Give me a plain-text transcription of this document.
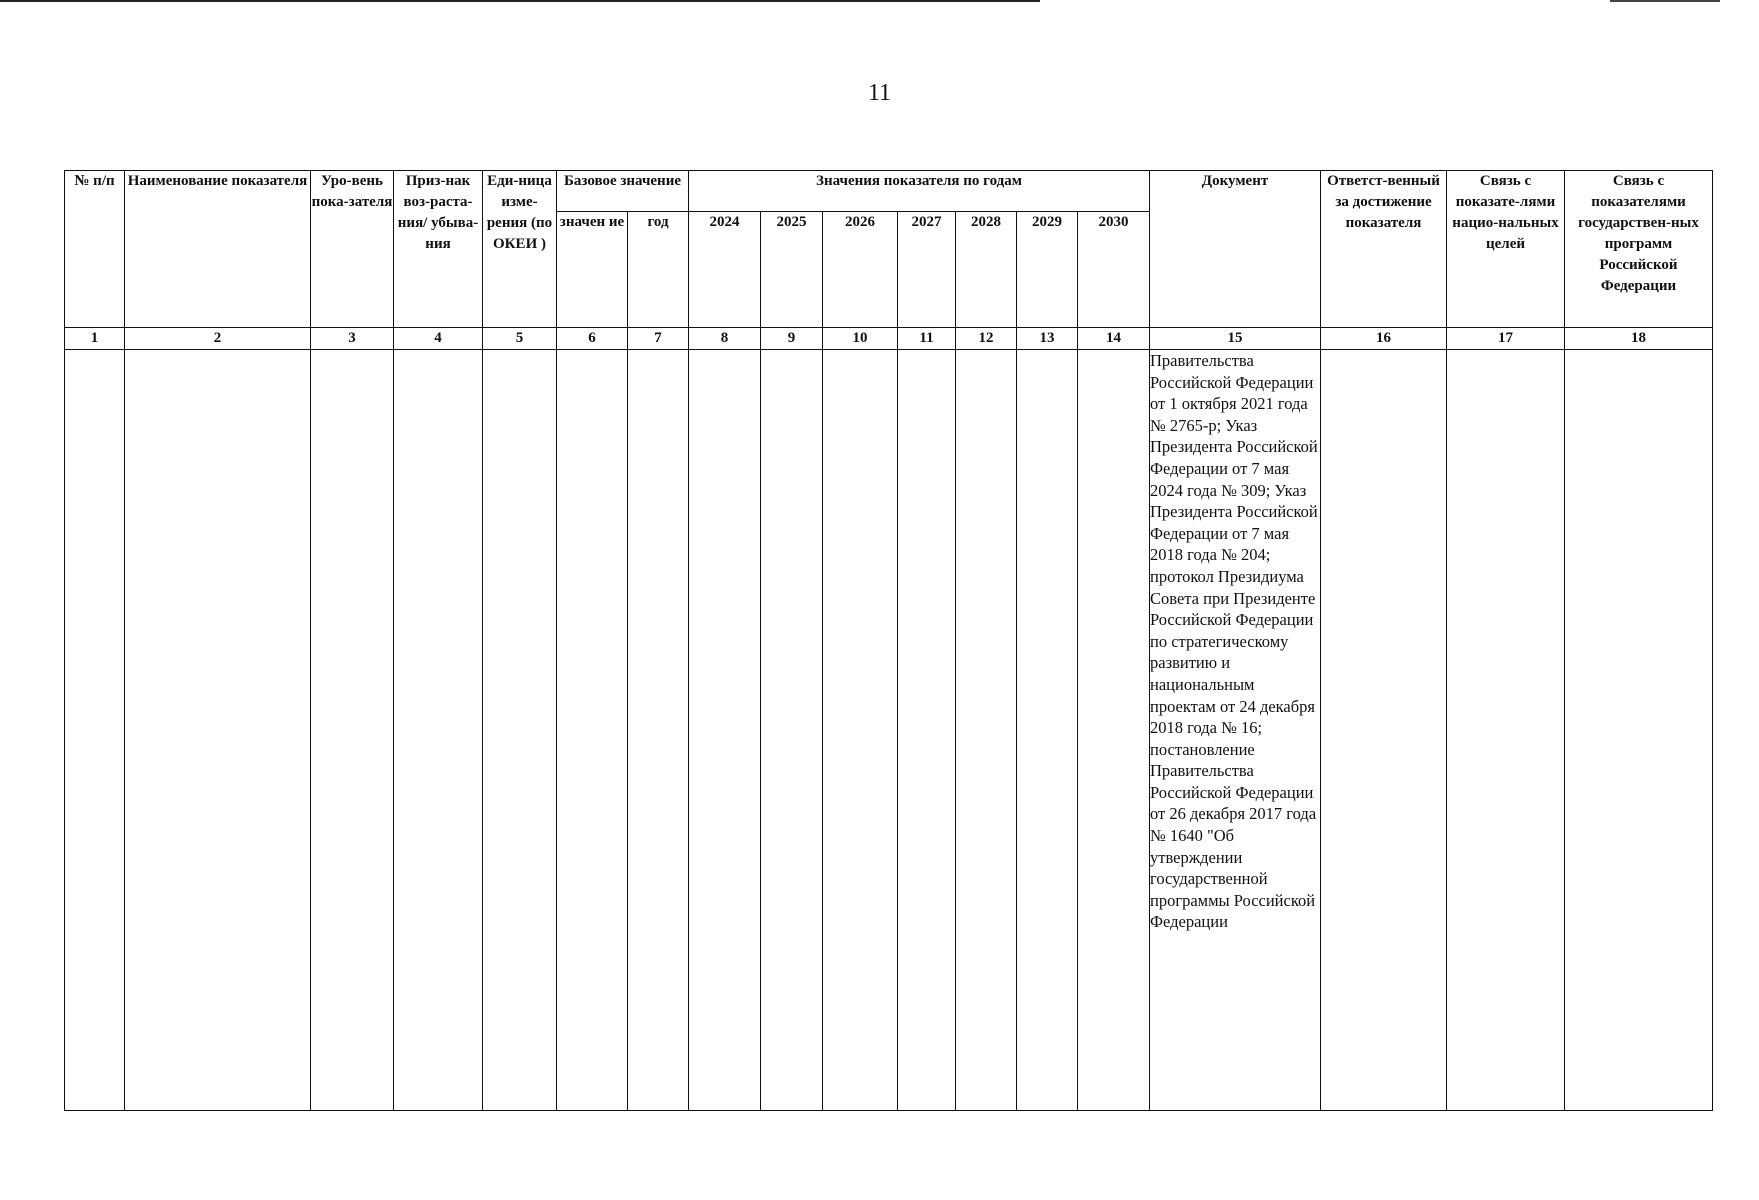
11
№ п/п	Наименование показателя	Уро-вень пока-зателя	Приз-нак воз-раста-ния/ убыва-ния	Еди-ница изме-рения (по ОКЕИ )	Базовое значение		Значения показателя по годам							Документ	Ответст-венный за достижение показателя	Связь с показате-лями нацио-нальных целей	Связь с показателями государствен-ных программ Российской Федерации
					значен ие	год	2024	2025	2026	2027	2028	2029	2030				
1	2	3	4	5	6	7	8	9	10	11	12	13	14	15	16	17	18
														Правительства Российской Федерации от 1 октября 2021 года № 2765-р; Указ Президента Российской Федерации от 7 мая 2024 года № 309; Указ Президента Российской Федерации от 7 мая 2018 года № 204; протокол Президиума Совета при Президенте Российской Федерации по стратегическому развитию и национальным проектам от 24 декабря 2018 года № 16; постановление Правительства Российской Федерации от 26 декабря 2017 года № 1640 "Об утверждении государственной программы Российской Федерации			
